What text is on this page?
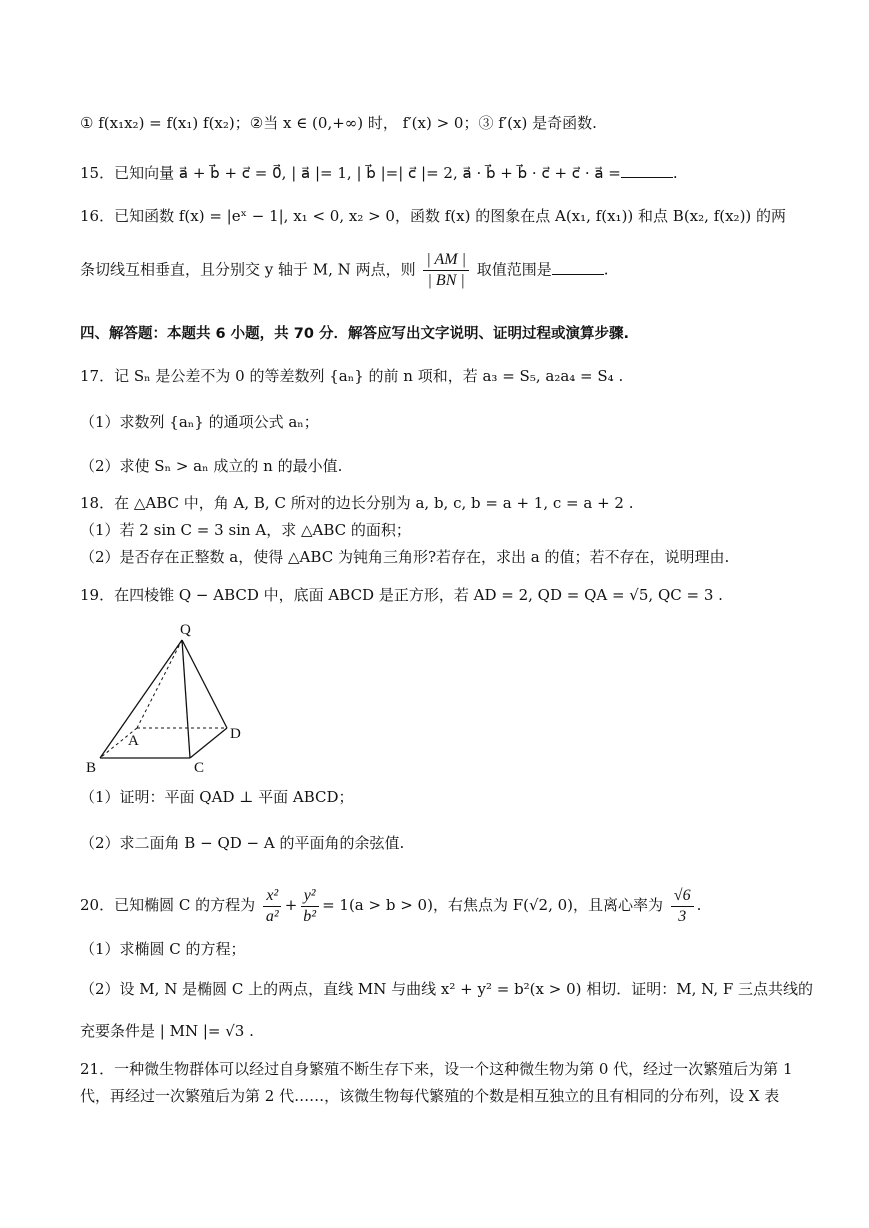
① f(x₁x₂) = f(x₁) f(x₂)；②当 x ∈ (0,+∞) 时， f′(x) > 0；③ f′(x) 是奇函数.
15．已知向量 a⃗ + b⃗ + c⃗ = 0⃗, | a⃗ |= 1, | b⃗ |=| c⃗ |= 2, a⃗ · b⃗ + b⃗ · c⃗ + c⃗ · a⃗ =	.
16．已知函数 f(x) = |eˣ − 1|, x₁ < 0, x₂ > 0，函数 f(x) 的图象在点 A(x₁, f(x₁)) 和点 B(x₂, f(x₂)) 的两
条切线互相垂直，且分别交 y 轴于 M, N 两点，则 $\frac{| AM |}{| BN |}$ 取值范围是	.
四、解答题：本题共 6 小题，共 70 分．解答应写出文字说明、证明过程或演算步骤.
17．记 Sₙ 是公差不为 0 的等差数列 {aₙ} 的前 n 项和，若 a₃ = S₅, a₂a₄ = S₄ .
（1）求数列 {aₙ} 的通项公式 aₙ；
（2）求使 Sₙ > aₙ 成立的 n 的最小值.
18．在 △ABC 中，角 A, B, C 所对的边长分别为 a, b, c, b = a + 1, c = a + 2 .
（1）若 2 sin C = 3 sin A，求 △ABC 的面积；
（2）是否存在正整数 a，使得 △ABC 为钝角三角形?若存在，求出 a 的值；若不存在，说明理由.
19．在四棱锥 Q − ABCD 中，底面 ABCD 是正方形，若 AD = 2, QD = QA = √5, QC = 3 .
Q
A
B	C
D
（1）证明：平面 QAD ⊥ 平面 ABCD；
（2）求二面角 B − QD − A 的平面角的余弦值.
20．已知椭圆 C 的方程为 $\frac{\text{x²}}{\text{a²}} + \frac{\text{y²}}{\text{b²}} = 1(a > b > 0)$，右焦点为 F(√2, 0)，且离心率为 $\frac{√6}{3}$ .
（1）求椭圆 C 的方程；
（2）设 M, N 是椭圆 C 上的两点，直线 MN 与曲线 x² + y² = b²(x > 0) 相切．证明：M, N, F 三点共线的
充要条件是 | MN |= √3 .
21．一种微生物群体可以经过自身繁殖不断生存下来，设一个这种微生物为第 0 代，经过一次繁殖后为第 1
代，再经过一次繁殖后为第 2 代……，该微生物每代繁殖的个数是相互独立的且有相同的分布列，设 X 表
